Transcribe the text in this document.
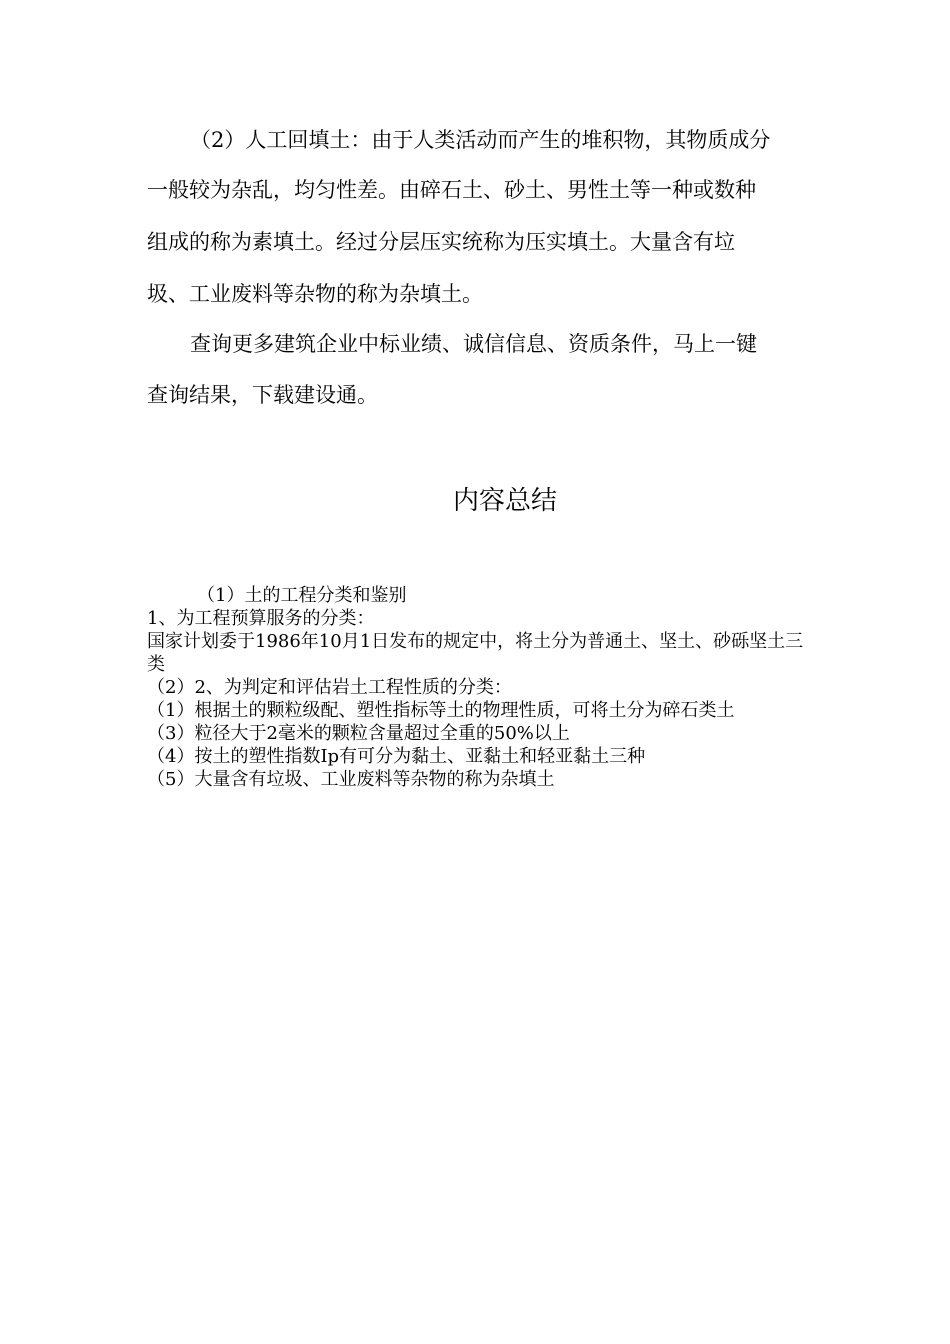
（2）人工回填土：由于人类活动而产生的堆积物，其物质成分
一般较为杂乱，均匀性差。由碎石土、砂土、男性土等一种或数种
组成的称为素填土。经过分层压实统称为压实填土。大量含有垃
圾、工业废料等杂物的称为杂填土。
查询更多建筑企业中标业绩、诚信信息、资质条件，马上一键
查询结果，下载建设通。
内容总结
（1）土的工程分类和鉴别
1、为工程预算服务的分类：
国家计划委于1986年10月1日发布的规定中，将土分为普通土、坚土、砂砾坚土三类
（2）2、为判定和评估岩土工程性质的分类：
（1）根据土的颗粒级配、塑性指标等土的物理性质，可将土分为碎石类土
（3）粒径大于2毫米的颗粒含量超过全重的50%以上
（4）按土的塑性指数Ip有可分为黏土、亚黏土和轻亚黏土三种
（5）大量含有垃圾、工业废料等杂物的称为杂填土
